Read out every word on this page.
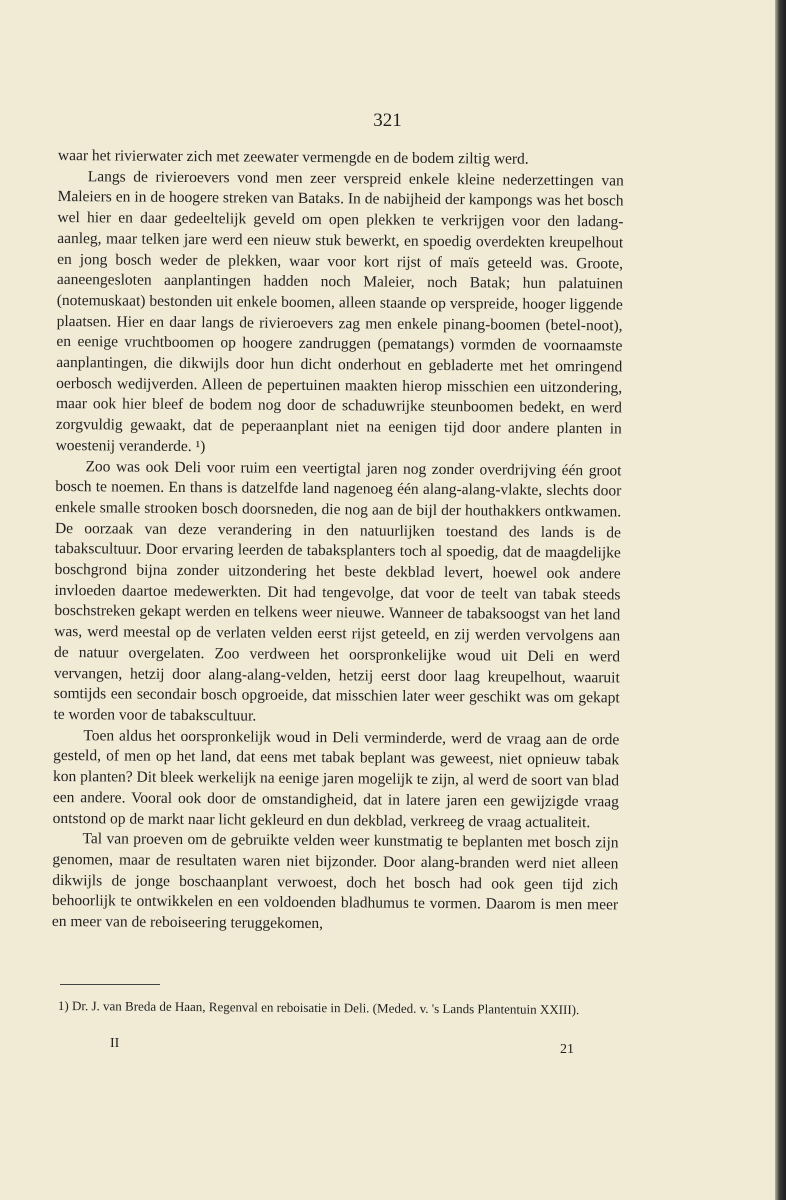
321

waar het rivierwater zich met zeewater vermengde en de bodem ziltig werd.

Langs de rivieroevers vond men zeer verspreid enkele kleine nederzettingen van Maleiers en in de hoogere streken van Bataks. In de nabijheid der kampongs was het bosch wel hier en daar gedeeltelijk geveld om open plekken te verkrijgen voor den ladang-aanleg, maar telken jare werd een nieuw stuk bewerkt, en spoedig overdekten kreupelhout en jong bosch weder de plekken, waar voor kort rijst of maïs geteeld was. Groote, aaneengesloten aanplantingen hadden noch Maleier, noch Batak; hun palatuinen (notemuskaat) bestonden uit enkele boomen, alleen staande op verspreide, hooger liggende plaatsen. Hier en daar langs de rivieroevers zag men enkele pinang-boomen (betel-noot), en eenige vruchtboomen op hoogere zandruggen (pematangs) vormden de voornaamste aanplantingen, die dikwijls door hun dicht onderhout en gebladerte met het omringend oerbosch wedijverden. Alleen de pepertuinen maakten hierop misschien een uitzondering, maar ook hier bleef de bodem nog door de schaduwrijke steunboomen bedekt, en werd zorgvuldig gewaakt, dat de peperaanplant niet na eenigen tijd door andere planten in woestenij veranderde. ¹)

Zoo was ook Deli voor ruim een veertigtal jaren nog zonder overdrijving één groot bosch te noemen. En thans is datzelfde land nagenoeg één alang-alang-vlakte, slechts door enkele smalle strooken bosch doorsneden, die nog aan de bijl der houthakkers ontkwamen. De oorzaak van deze verandering in den natuurlijken toestand des lands is de tabakscultuur. Door ervaring leerden de tabaksplanters toch al spoedig, dat de maagdelijke boschgrond bijna zonder uitzondering het beste dekblad levert, hoewel ook andere invloeden daartoe medewerkten. Dit had tengevolge, dat voor de teelt van tabak steeds boschstreken gekapt werden en telkens weer nieuwe. Wanneer de tabaksoogst van het land was, werd meestal op de verlaten velden eerst rijst geteeld, en zij werden vervolgens aan de natuur overgelaten. Zoo verdween het oorspronkelijke woud uit Deli en werd vervangen, hetzij door alang-alang-velden, hetzij eerst door laag kreupelhout, waaruit somtijds een secondair bosch opgroeide, dat misschien later weer geschikt was om gekapt te worden voor de tabakscultuur.

Toen aldus het oorspronkelijk woud in Deli verminderde, werd de vraag aan de orde gesteld, of men op het land, dat eens met tabak beplant was geweest, niet opnieuw tabak kon planten? Dit bleek werkelijk na eenige jaren mogelijk te zijn, al werd de soort van blad een andere. Vooral ook door de omstandigheid, dat in latere jaren een gewijzigde vraag ontstond op de markt naar licht gekleurd en dun dekblad, verkreeg de vraag actualiteit.

Tal van proeven om de gebruikte velden weer kunstmatig te beplanten met bosch zijn genomen, maar de resultaten waren niet bijzonder. Door alang-branden werd niet alleen dikwijls de jonge boschaanplant verwoest, doch het bosch had ook geen tijd zich behoorlijk te ontwikkelen en een voldoenden bladhumus te vormen. Daarom is men meer en meer van de reboiseering teruggekomen,

1) Dr. J. van Breda de Haan, Regenval en reboisatie in Deli. (Meded. v. 's Lands Plantentuin XXIII).
II	21
